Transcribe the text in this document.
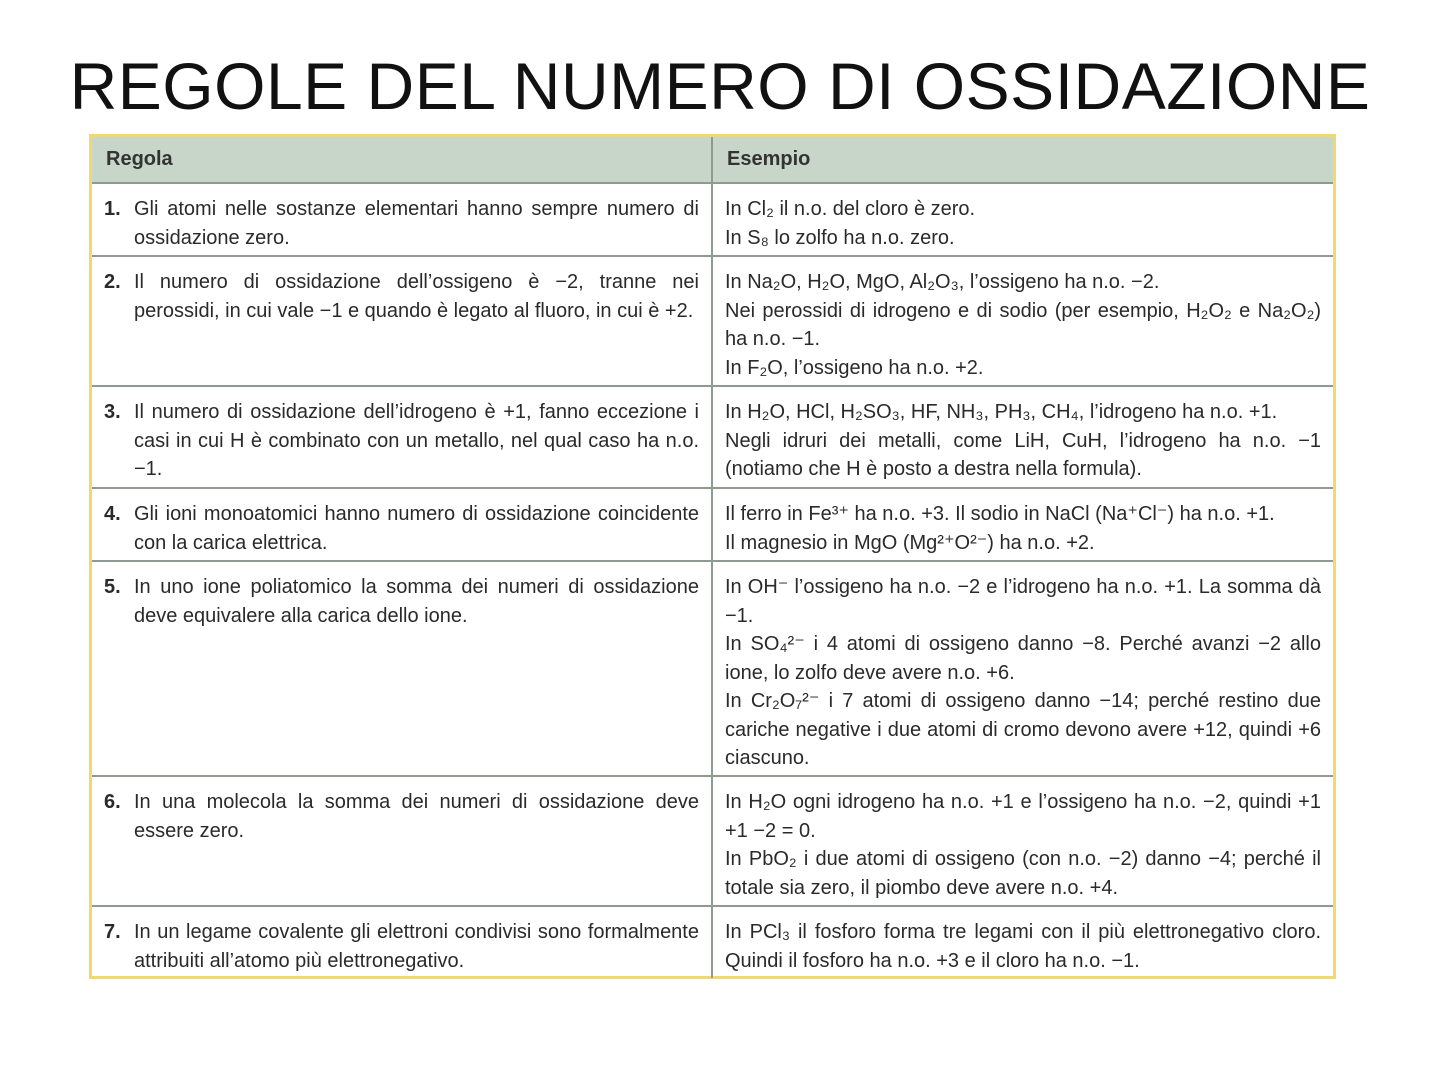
REGOLE DEL NUMERO DI OSSIDAZIONE
Regola	Esempio
1. Gli atomi nelle sostanze elementari hanno sempre numero di ossidazione zero.
In Cl₂ il n.o. del cloro è zero.
In S₈ lo zolfo ha n.o. zero.
2. Il numero di ossidazione dell’ossigeno è −2, tranne nei perossidi, in cui vale −1 e quando è legato al fluoro, in cui è +2.
In Na₂O, H₂O, MgO, Al₂O₃, l’ossigeno ha n.o. −2.
Nei perossidi di idrogeno e di sodio (per esempio, H₂O₂ e Na₂O₂) ha n.o. −1.
In F₂O, l’ossigeno ha n.o. +2.
3. Il numero di ossidazione dell’idrogeno è +1, fanno eccezione i casi in cui H è combinato con un metallo, nel qual caso ha n.o. −1.
In H₂O, HCl, H₂SO₃, HF, NH₃, PH₃, CH₄, l’idrogeno ha n.o. +1.
Negli idruri dei metalli, come LiH, CuH, l’idrogeno ha n.o. −1 (notiamo che H è posto a destra nella formula).
4. Gli ioni monoatomici hanno numero di ossidazione coincidente con la carica elettrica.
Il ferro in Fe³⁺ ha n.o. +3. Il sodio in NaCl (Na⁺Cl⁻) ha n.o. +1.
Il magnesio in MgO (Mg²⁺O²⁻) ha n.o. +2.
5. In uno ione poliatomico la somma dei numeri di ossidazione deve equivalere alla carica dello ione.
In OH⁻ l’ossigeno ha n.o. −2 e l’idrogeno ha n.o. +1. La somma dà −1.
In SO₄²⁻ i 4 atomi di ossigeno danno −8. Perché avanzi −2 allo ione, lo zolfo deve avere n.o. +6.
In Cr₂O₇²⁻ i 7 atomi di ossigeno danno −14; perché restino due cariche negative i due atomi di cromo devono avere +12, quindi +6 ciascuno.
6. In una molecola la somma dei numeri di ossidazione deve essere zero.
In H₂O ogni idrogeno ha n.o. +1 e l’ossigeno ha n.o. −2, quindi +1 +1 −2 = 0.
In PbO₂ i due atomi di ossigeno (con n.o. −2) danno −4; perché il totale sia zero, il piombo deve avere n.o. +4.
7. In un legame covalente gli elettroni condivisi sono formalmente attribuiti all’atomo più elettronegativo.
In PCl₃ il fosforo forma tre legami con il più elettronegativo cloro. Quindi il fosforo ha n.o. +3 e il cloro ha n.o. −1.
